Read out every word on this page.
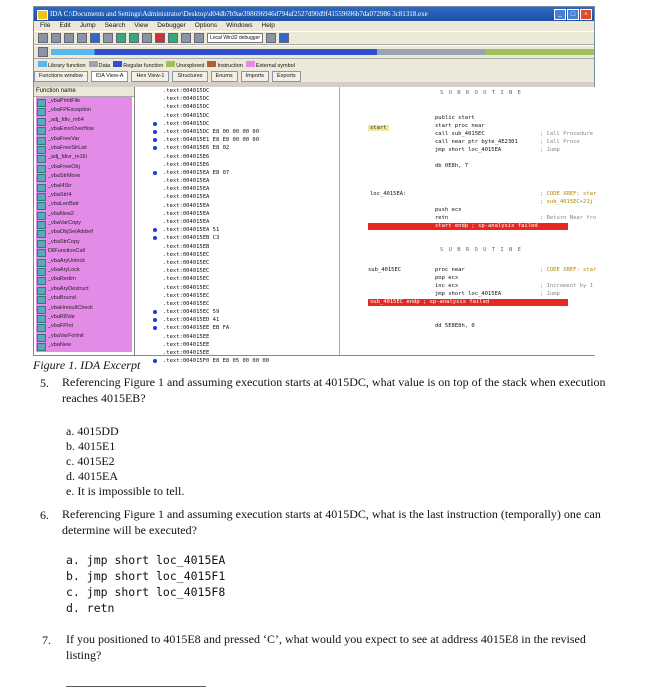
IDA C:\Documents and Settings\Administrator\Desktop\d04db7b9ae398696946d794af2527d90d9f41559696b7da072986 3c81318.exe	_	□	×
File Edit Jump Search View Debugger Options Windows Help
Local Win32 debugger
Library function	Data	Regular function	Unexplored	Instruction	External symbol
Functions window	IDA View-A	Hex View-1	Structures	Enums	Imports	Exports
Function name
_vbaPrintFile
_vbaFPException
_adj_fdiv_m64
_vbaErrorOverflow
_vbaFreeVar
_vbaFreeStrList
_adj_fdivr_m16i
_vbaFreeObj
_vbaStrMove
_vbaI4Str
_vbaStrI4
_vbaLenBstr
_vbaNew2
_vbaVarCopy
_vbaObjSetAddref
_vbaStrCopy
DllFunctionCall
_vbaAryUnlock
_vbaAryLock
_vbaRedim
_vbaAryDestruct
_vbaBound
_vbaHresultCheck
_vbaR8Var
_vbaFPInt
_vbaVarForInit
_vbaNew
.text:004015DC
.text:004015DC
.text:004015DC
.text:004015DC
.text:004015DC
.text:004015DC E8 00 00 00 00
.text:004015E1 E8 E8 00 00 00
.text:004015E6 E8 02
.text:004015E6
.text:004015E6
.text:004015EA E8 07
.text:004015EA
.text:004015EA
.text:004015EA
.text:004015EA
.text:004015EA
.text:004015EA
.text:004015EA 51
.text:004015EB C3
.text:004015EB
.text:004015EC
.text:004015EC
.text:004015EC
.text:004015EC
.text:004015EC
.text:004015EC
.text:004015EC
.text:004015EC 59
.text:004015ED 41
.text:004015EE EB FA
.text:004015EE
.text:004015EE
.text:004015EE
.text:004015F0 E8 E8 05 00 00 00
S U B R O U T I N E
public start
start	start proc near
call sub_4015EC	; Call Procedure
call near ptr byte_4E2301	; Call Proce
jmp short loc_4015EA	; Jump
db 0E8h, 7
loc_4015EA:	; CODE XREF: star
; sub_4015EC+21j
push ecx
retn	; Return Near fro
start endp ; sp-analysis failed
S U B R O U T I N E
sub_4015EC	proc near	; CODE XREF: star
pop ecx
inc ecx	; Increment by 1
jmp short loc_4015EA	; Jump
sub_4015EC endp ; sp-analysis failed
dd 5E8E8h, 0
Figure 1. IDA Excerpt
5. Referencing Figure 1 and assuming execution starts at 4015DC, what value is on top of the stack when execution reaches 4015EB?
a. 4015DD
b. 4015E1
c. 4015E2
d. 4015EA
e. It is impossible to tell.
6. Referencing Figure 1 and assuming execution starts at 4015DC, what is the last instruction (temporally) one can determine will be executed?
a. jmp short loc_4015EA
b. jmp short loc_4015F1
c. jmp short loc_4015F8
d. retn
7. If you positioned to 4015E8 and pressed ‘C’, what would you expect to see at address 4015E8 in the revised listing?
